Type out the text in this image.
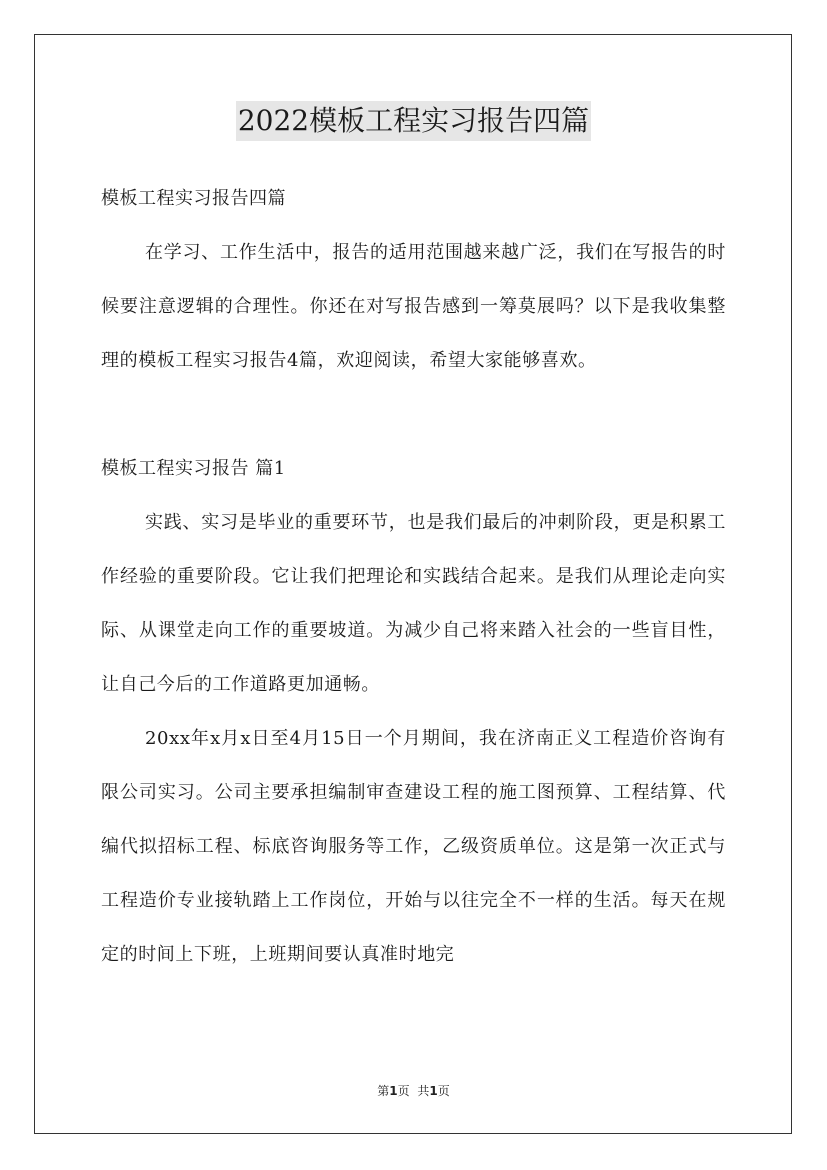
2022模板工程实习报告四篇

模板工程实习报告四篇

在学习、工作生活中，报告的适用范围越来越广泛，我们在写报告的时候要注意逻辑的合理性。你还在对写报告感到一筹莫展吗？以下是我收集整理的模板工程实习报告4篇，欢迎阅读，希望大家能够喜欢。

模板工程实习报告 篇1

实践、实习是毕业的重要环节，也是我们最后的冲刺阶段，更是积累工作经验的重要阶段。它让我们把理论和实践结合起来。是我们从理论走向实际、从课堂走向工作的重要坡道。为减少自己将来踏入社会的一些盲目性，让自己今后的工作道路更加通畅。

20xx年x月x日至4月15日一个月期间，我在济南正义工程造价咨询有限公司实习。公司主要承担编制审查建设工程的施工图预算、工程结算、代编代拟招标工程、标底咨询服务等工作，乙级资质单位。这是第一次正式与工程造价专业接轨踏上工作岗位，开始与以往完全不一样的生活。每天在规定的时间上下班，上班期间要认真准时地完

第1页 共1页
